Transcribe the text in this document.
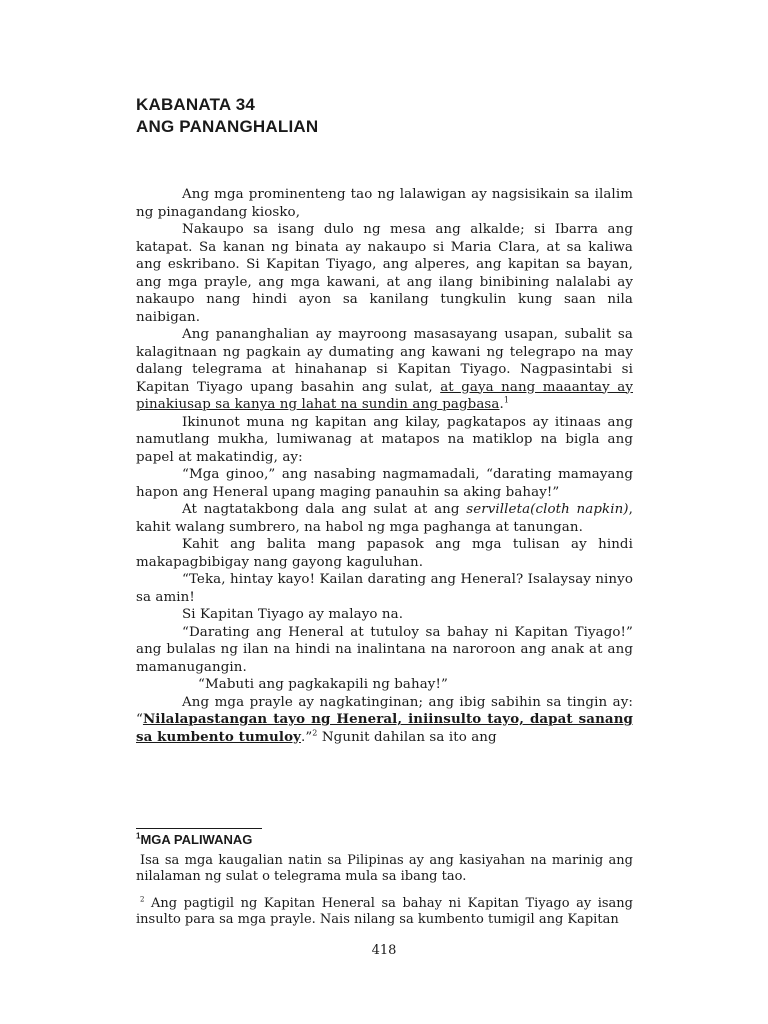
KABANATA 34
ANG PANANGHALIAN

Ang mga prominenteng tao ng lalawigan ay nagsisikain sa ilalim ng pinagandang kiosko,

Nakaupo sa isang dulo ng mesa ang alkalde; si Ibarra ang katapat. Sa kanan ng binata ay nakaupo si Maria Clara, at sa kaliwa ang eskribano. Si Kapitan Tiyago, ang alperes, ang kapitan sa bayan, ang mga prayle, ang mga kawani, at ang ilang binibining nalalabi ay nakaupo nang hindi ayon sa kanilang tungkulin kung saan nila naibigan.

Ang pananghalian ay mayroong masasayang usapan, subalit sa kalagitnaan ng pagkain ay dumating ang kawani ng telegrapo na may dalang telegrama at hinahanap si Kapitan Tiyago. Nagpasintabi si Kapitan Tiyago upang basahin ang sulat, at gaya nang maaantay ay pinakiusap sa kanya ng lahat na sundin ang pagbasa.$^1$

Ikinunot muna ng kapitan ang kilay, pagkatapos ay itinaas ang namutlang mukha, lumiwanag at matapos na matiklop na bigla ang papel at makatindig, ay:

“Mga ginoo,” ang nasabing nagmamadali, “darating mamayang hapon ang Heneral upang maging panauhin sa aking bahay!”

At nagtatakbong dala ang sulat at ang servilleta(cloth napkin), kahit walang sumbrero, na habol ng mga paghanga at tanungan.

Kahit ang balita mang papasok ang mga tulisan ay hindi makapagbibigay nang gayong kaguluhan.

“Teka, hintay kayo! Kailan darating ang Heneral? Isalaysay ninyo sa amin!

Si Kapitan Tiyago ay malayo na.

“Darating ang Heneral at tutuloy sa bahay ni Kapitan Tiyago!” ang bulalas ng ilan na hindi na inalintana na naroroon ang anak at ang mamanugangin.

“Mabuti ang pagkakapili ng bahay!”

Ang mga prayle ay nagkatinginan; ang ibig sabihin sa tingin ay: “Nilalapastangan tayo ng Heneral, iniinsulto tayo, dapat sanang sa kumbento tumuloy.”$^2$ Ngunit dahilan sa ito ang

$^1$MGA PALIWANAG

Isa sa mga kaugalian natin sa Pilipinas ay ang kasiyahan na marinig ang nilalaman ng sulat o telegrama mula sa ibang tao.

$^2$ Ang pagtigil ng Kapitan Heneral sa bahay ni Kapitan Tiyago ay isang insulto para sa mga prayle. Nais nilang sa kumbento tumigil ang Kapitan

418
